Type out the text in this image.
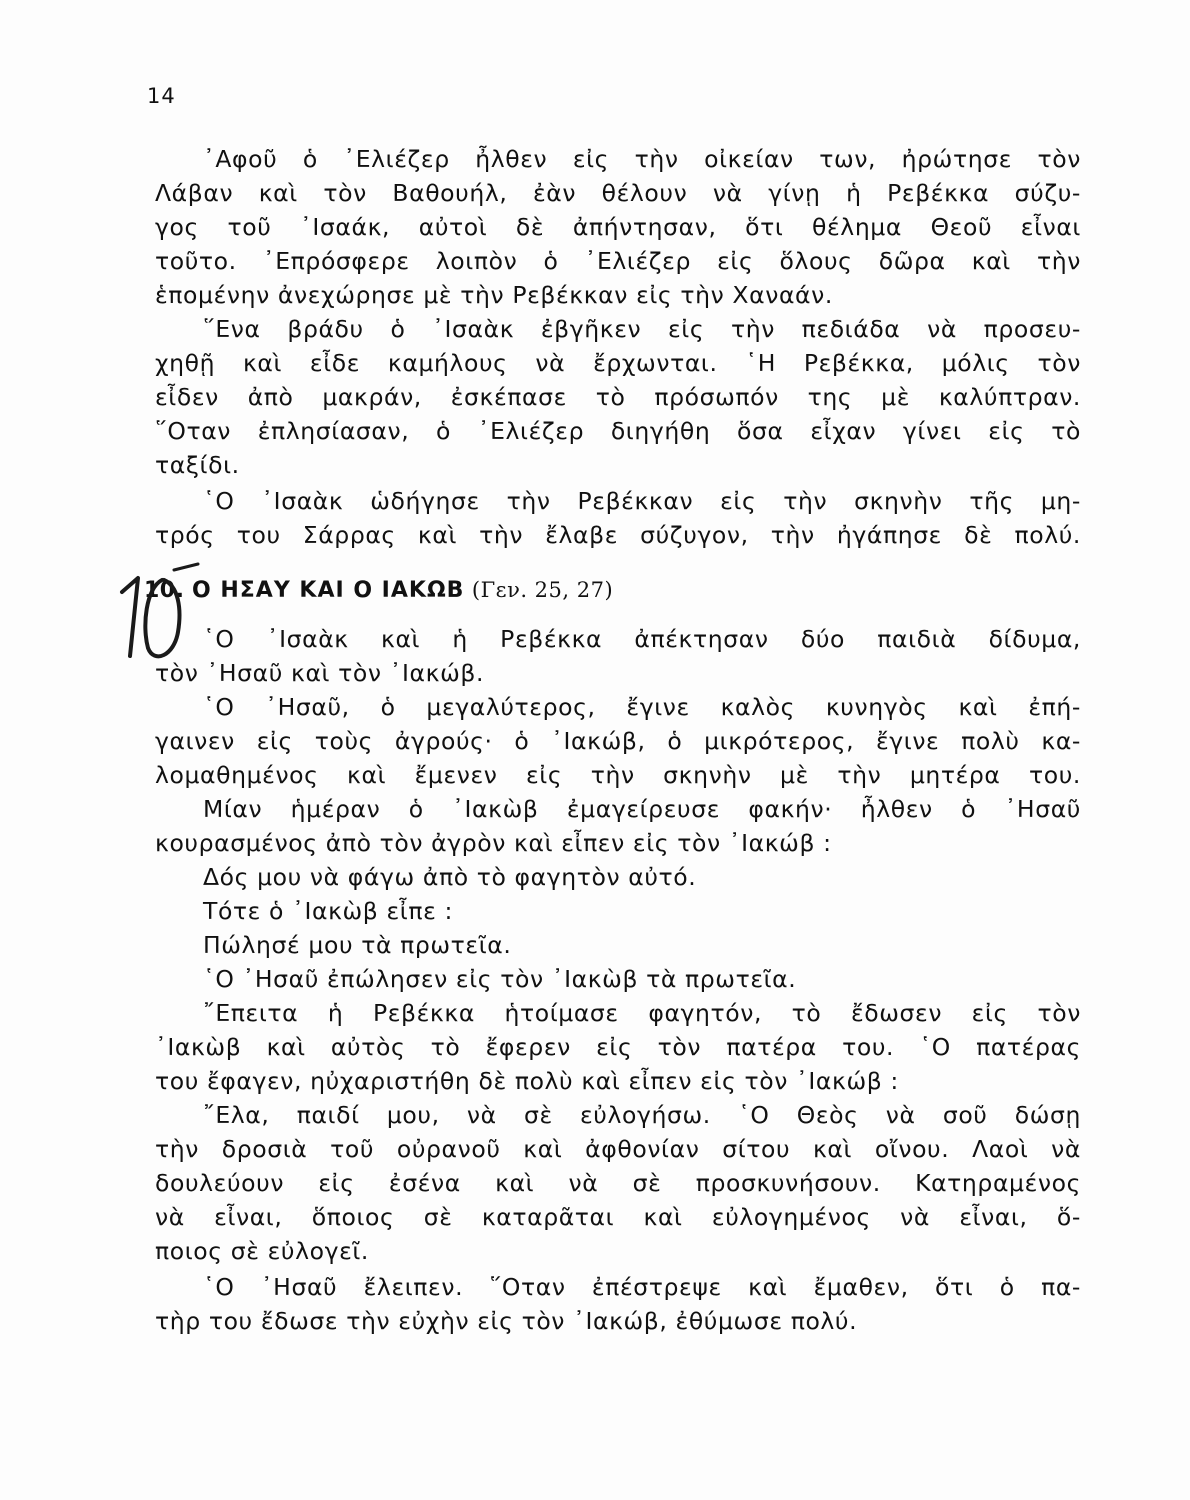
14
᾿Αφοῦ ὁ ᾿Ελιέζερ ἦλθεν εἰς τὴν οἰκείαν των, ἠρώτησε τὸν
Λάβαν καὶ τὸν Βαθουήλ, ἐὰν θέλουν νὰ γίνῃ ἡ Ρεβέκκα σύζυ-
γος τοῦ ᾿Ισαάκ, αὐτοὶ δὲ ἀπήντησαν, ὅτι θέλημα Θεοῦ εἶναι
τοῦτο. ᾿Επρόσφερε λοιπὸν ὁ ᾿Ελιέζερ εἰς ὅλους δῶρα καὶ τὴν
ἑπομένην ἀνεχώρησε μὲ τὴν Ρεβέκκαν εἰς τὴν Χαναάν.
῞Ενα βράδυ ὁ ᾿Ισαὰκ ἐβγῆκεν εἰς τὴν πεδιάδα νὰ προσευ-
χηθῇ καὶ εἶδε καμήλους νὰ ἔρχωνται. ῾Η Ρεβέκκα, μόλις τὸν
εἶδεν ἀπὸ μακράν, ἐσκέπασε τὸ πρόσωπόν της μὲ καλύπτραν.
῞Οταν ἐπλησίασαν, ὁ ᾿Ελιέζερ διηγήθη ὅσα εἶχαν γίνει εἰς τὸ
ταξίδι.
῾Ο ᾿Ισαὰκ ὡδήγησε τὴν Ρεβέκκαν εἰς τὴν σκηνὴν τῆς μη-
τρός του Σάρρας καὶ τὴν ἔλαβε σύζυγον, τὴν ἠγάπησε δὲ πολύ.
10. Ο ΗΣΑΥ ΚΑΙ Ο ΙΑΚΩΒ (Γεν. 25, 27)
῾Ο ᾿Ισαὰκ καὶ ἡ Ρεβέκκα ἀπέκτησαν δύο παιδιὰ δίδυμα,
τὸν ᾿Ησαῦ καὶ τὸν ᾿Ιακώβ.
῾Ο ᾿Ησαῦ, ὁ μεγαλύτερος, ἔγινε καλὸς κυνηγὸς καὶ ἐπή-
γαινεν εἰς τοὺς ἀγρούς· ὁ ᾿Ιακώβ, ὁ μικρότερος, ἔγινε πολὺ κα-
λομαθημένος καὶ ἔμενεν εἰς τὴν σκηνὴν μὲ τὴν μητέρα του.
Μίαν ἡμέραν ὁ ᾿Ιακὼβ ἐμαγείρευσε φακήν· ἦλθεν ὁ ᾿Ησαῦ
κουρασμένος ἀπὸ τὸν ἀγρὸν καὶ εἶπεν εἰς τὸν ᾿Ιακώβ :
Δός μου νὰ φάγω ἀπὸ τὸ φαγητὸν αὐτό.
Τότε ὁ ᾿Ιακὼβ εἶπε :
Πώλησέ μου τὰ πρωτεῖα.
῾Ο ᾿Ησαῦ ἐπώλησεν εἰς τὸν ᾿Ιακὼβ τὰ πρωτεῖα.
῎Επειτα ἡ Ρεβέκκα ἡτοίμασε φαγητόν, τὸ ἔδωσεν εἰς τὸν
᾿Ιακὼβ καὶ αὐτὸς τὸ ἔφερεν εἰς τὸν πατέρα του. ῾Ο πατέρας
του ἔφαγεν, ηὐχαριστήθη δὲ πολὺ καὶ εἶπεν εἰς τὸν ᾿Ιακώβ :
῎Ελα, παιδί μου, νὰ σὲ εὐλογήσω. ῾Ο Θεὸς νὰ σοῦ δώσῃ
τὴν δροσιὰ τοῦ οὐρανοῦ καὶ ἀφθονίαν σίτου καὶ οἴνου. Λαοὶ νὰ
δουλεύουν εἰς ἐσένα καὶ νὰ σὲ προσκυνήσουν. Κατηραμένος
νὰ εἶναι, ὅποιος σὲ καταρᾶται καὶ εὐλογημένος νὰ εἶναι, ὅ-
ποιος σὲ εὐλογεῖ.
῾Ο ᾿Ησαῦ ἔλειπεν. ῞Οταν ἐπέστρεψε καὶ ἔμαθεν, ὅτι ὁ πα-
τὴρ του ἔδωσε τὴν εὐχὴν εἰς τὸν ᾿Ιακώβ, ἐθύμωσε πολύ.
